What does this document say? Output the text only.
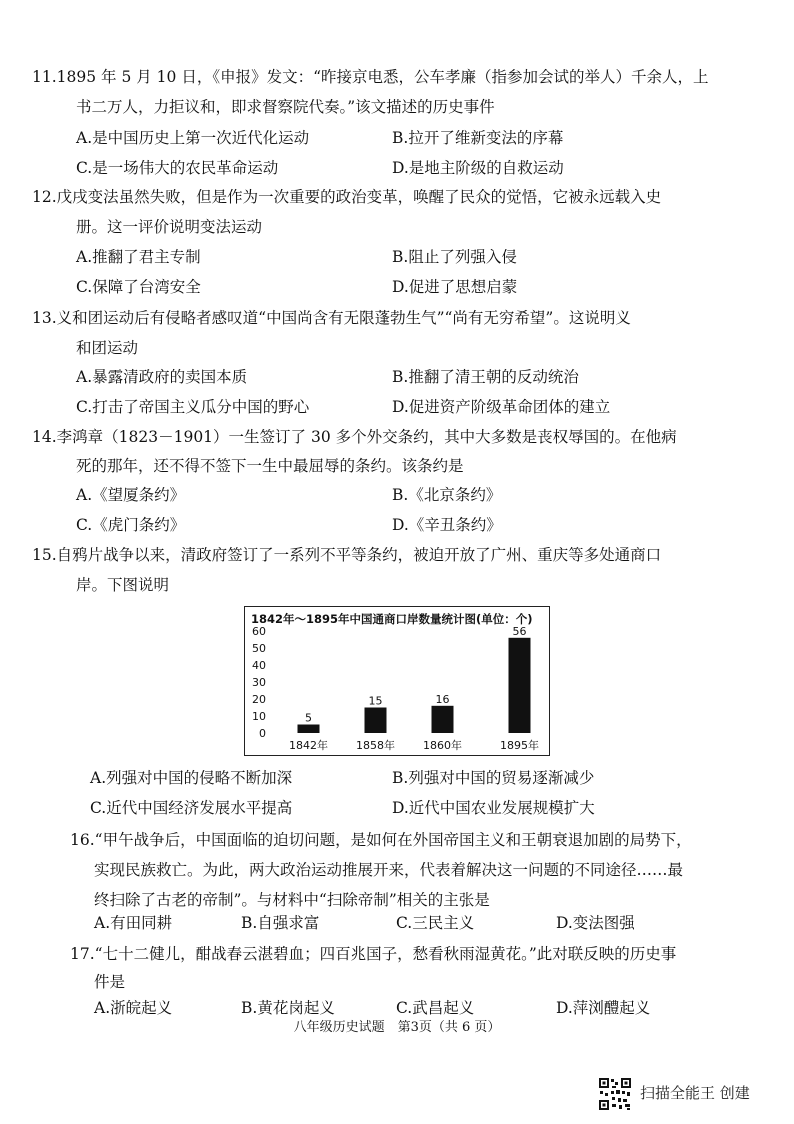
11.1895 年 5 月 10 日，《申报》发文：“昨接京电悉，公车孝廉（指参加会试的举人）千余人，上
书二万人，力拒议和，即求督察院代奏。”该文描述的历史事件
A.是中国历史上第一次近代化运动	B.拉开了维新变法的序幕
C.是一场伟大的农民革命运动	D.是地主阶级的自救运动
12.戊戌变法虽然失败，但是作为一次重要的政治变革，唤醒了民众的觉悟，它被永远载入史
册。这一评价说明变法运动
A.推翻了君主专制	B.阻止了列强入侵
C.保障了台湾安全	D.促进了思想启蒙
13.义和团运动后有侵略者感叹道“中国尚含有无限蓬勃生气”“尚有无穷希望”。这说明义
和团运动
A.暴露清政府的卖国本质	B.推翻了清王朝的反动统治
C.打击了帝国主义瓜分中国的野心	D.促进资产阶级革命团体的建立
14.李鸿章（1823－1901）一生签订了 30 多个外交条约，其中大多数是丧权辱国的。在他病
死的那年，还不得不签下一生中最屈辱的条约。该条约是
A.《望厦条约》	B.《北京条约》
C.《虎门条约》	D.《辛丑条约》
15.自鸦片战争以来，清政府签订了一系列不平等条约，被迫开放了广州、重庆等多处通商口
岸。下图说明
1842年～1895年中国通商口岸数量统计图(单位：个)
60
50
40
30
20
10
0
5
15	16
56
1842年	1858年	1860年	1895年
A.列强对中国的侵略不断加深	B.列强对中国的贸易逐渐减少
C.近代中国经济发展水平提高	D.近代中国农业发展规模扩大
16.“甲午战争后，中国面临的迫切问题，是如何在外国帝国主义和王朝衰退加剧的局势下，
实现民族救亡。为此，两大政治运动推展开来，代表着解决这一问题的不同途径……最
终扫除了古老的帝制”。与材料中“扫除帝制”相关的主张是
A.有田同耕	B.自强求富	C.三民主义	D.变法图强
17.“七十二健儿，酣战春云湛碧血；四百兆国子，愁看秋雨湿黄花。”此对联反映的历史事
件是
A.浙皖起义	B.黄花岗起义	C.武昌起义	D.萍浏醴起义
八年级历史试题　第3页（共 6 页）
扫描全能王 创建
